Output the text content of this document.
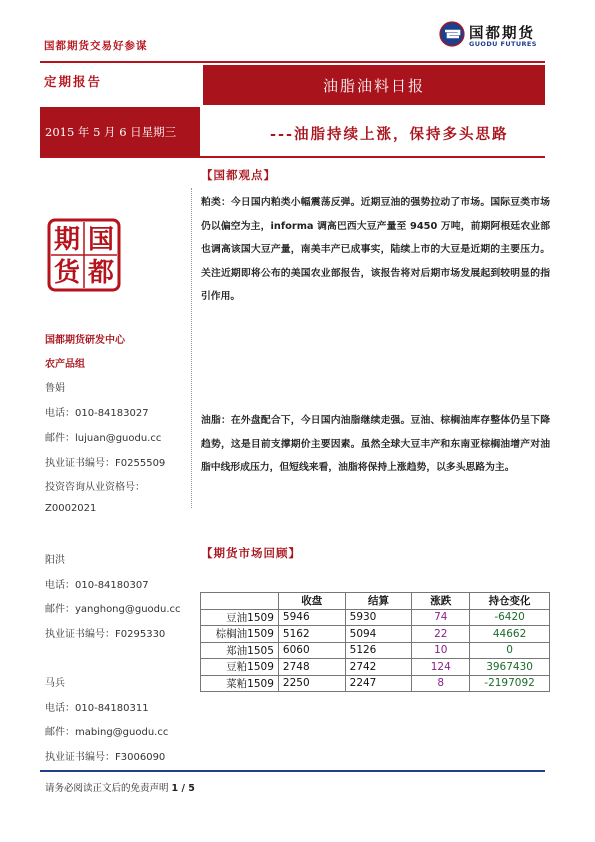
国都期货交易好参谋
国都期货
GUODU FUTURES
定期报告	油脂油料日报
2015 年 5 月 6 日星期三	---油脂持续上涨，保持多头思路
【国都观点】
粕类：今日国内粕类小幅震荡反弹。近期豆油的强势拉动了市场。国际豆类市场仍以偏空为主，informa 调高巴西大豆产量至 9450 万吨，前期阿根廷农业部也调高该国大豆产量，南美丰产已成事实，陆续上市的大豆是近期的主要压力。关注近期即将公布的美国农业部报告，该报告将对后期市场发展起到较明显的指引作用。
油脂：在外盘配合下，今日国内油脂继续走强。豆油、棕榈油库存整体仍呈下降趋势，这是目前支撑期价主要因素。虽然全球大豆丰产和东南亚棕榈油增产对油脂中线形成压力，但短线来看，油脂将保持上涨趋势，以多头思路为主。
国
都
期
货
国都期货研发中心
农产品组
鲁娟
电话：010-84183027
邮件：lujuan@guodu.cc
执业证书编号：F0255509
投资咨询从业资格号：
Z0002021
阳洪
电话：010-84180307
邮件：yanghong@guodu.cc
执业证书编号：F0295330
马兵
电话：010-84180311
邮件：mabing@guodu.cc
执业证书编号：F3006090
【期货市场回顾】
	收盘	结算	涨跌	持仓变化
豆油1509	5946	5930	74	-6420
棕榈油1509	5162	5094	22	44662
郑油1505	6060	5126	10	0
豆粕1509	2748	2742	124	3967430
菜粕1509	2250	2247	8	-2197092
请务必阅读正文后的免责声明 1 / 5
